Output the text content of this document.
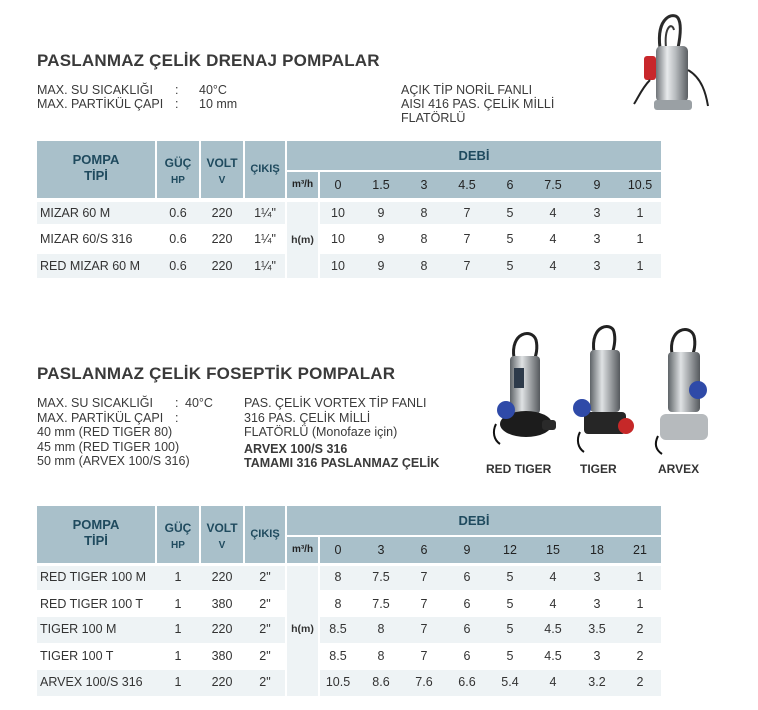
PASLANMAZ ÇELİK DRENAJ POMPALAR
MAX. SU SICAKLIĞI : 40°C
MAX. PARTİKÜL ÇAPI : 10 mm
AÇIK TİP NORİL FANLI
AISI 416 PAS. ÇELİK MİLLİ
FLATÖRLÜ
POMPA
TİPİ
GÜÇ
HP
VOLT
V
ÇIKIŞ
DEBİ
m³/h	0	1.5	3	4.5	6	7.5	9	10.5
h(m)
MIZAR 60 M	0.6	220	1¼"	10	9	8	7	5	4	3	1
MIZAR 60/S 316	0.6	220	1¼"	10	9	8	7	5	4	3	1
RED MIZAR 60 M	0.6	220	1¼"	10	9	8	7	5	4	3	1
PASLANMAZ ÇELİK FOSEPTİK POMPALAR
MAX. SU SICAKLIĞI : 40°C
MAX. PARTİKÜL ÇAPI :
40 mm (RED TIGER 80)
45 mm (RED TIGER 100)
50 mm (ARVEX 100/S 316)
PAS. ÇELİK VORTEX TİP FANLI
316 PAS. ÇELİK MİLLİ
FLATÖRLÜ (Monofaze için)
ARVEX 100/S 316
TAMAMI 316 PASLANMAZ ÇELİK	RED TIGER TIGER	ARVEX
POMPA
TİPİ
GÜÇ
HP
VOLT
V
ÇIKIŞ
DEBİ
m³/h	0	3	6	9	12	15	18	21
h(m)
RED TIGER 100 M	1	220	2"	8	7.5	7	6	5	4	3	1
RED TIGER 100 T	1	380	2"	8	7.5	7	6	5	4	3	1
TIGER 100 M	1	220	2"	8.5	8	7	6	5	4.5	3.5	2
TIGER 100 T	1	380	2"	8.5	8	7	6	5	4.5	3	2
ARVEX 100/S 316	1	220	2"	10.5	8.6	7.6	6.6	5.4	4	3.2	2
